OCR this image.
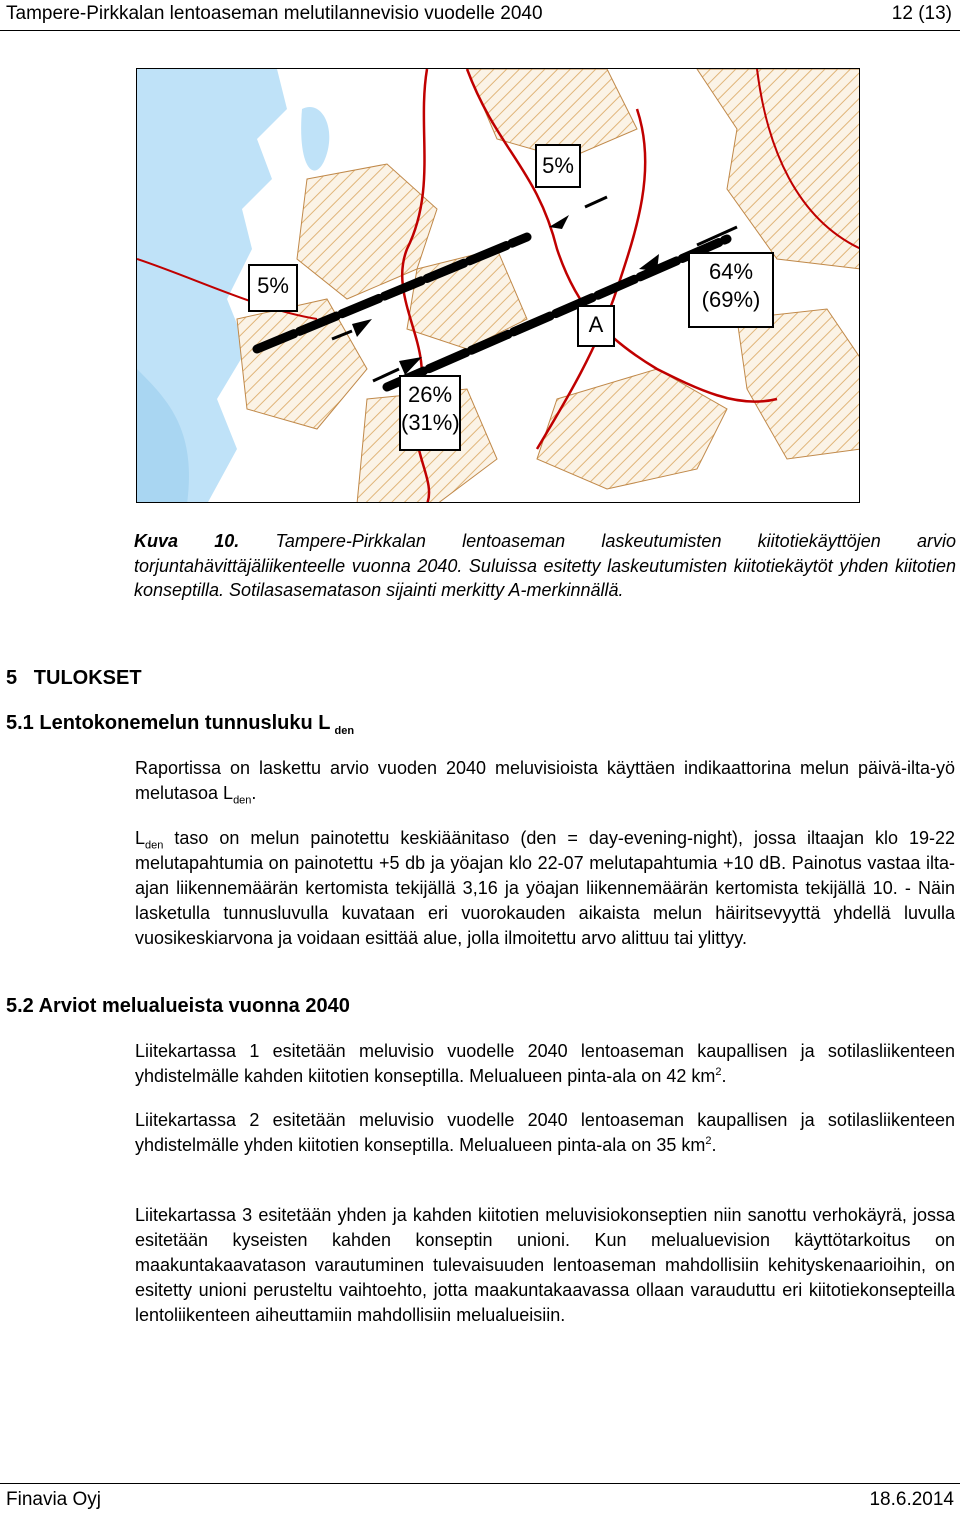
Tampere-Pirkkalan lentoaseman melutilannevisio vuodelle 2040	12 (13)
5%
5%
64%
(69%)
26%
(31%)
A
Kuva 10. Tampere-Pirkkalan lentoaseman laskeutumisten kiitotiekäyttöjen arvio torjuntahävittäjäliikenteelle vuonna 2040. Suluissa esitetty laskeutumisten kiitotiekäytöt yhden kiitotien konseptilla. Sotilasasematason sijainti merkitty A-merkinnällä.
5 TULOKSET
5.1 Lentokonemelun tunnusluku L  $_{den}$
Raportissa on laskettu arvio vuoden 2040 meluvisioista käyttäen indikaattorina melun päivä-ilta-yö melutasoa $L_{den}$.
$L_{den}$ taso on melun painotettu keskiäänitaso (den = day-evening-night), jossa iltaajan klo 19-22 melutapahtumia on painotettu +5 db ja yöajan klo 22-07 melutapahtumia +10 dB. Painotus vastaa ilta-ajan liikennemäärän kertomista tekijällä 3,16 ja yöajan liikennemäärän kertomista tekijällä 10. - Näin lasketulla tunnusluvulla kuvataan eri vuorokauden aikaista melun häiritsevyyttä yhdellä luvulla vuosikeskiarvona ja voidaan esittää alue, jolla ilmoitettu arvo alittuu tai ylittyy.
5.2 Arviot melualueista vuonna 2040
Liitekartassa 1 esitetään meluvisio vuodelle 2040 lentoaseman kaupallisen ja sotilasliikenteen yhdistelmälle kahden kiitotien konseptilla. Melualueen pinta-ala on 42 $km^2$.
Liitekartassa 2 esitetään meluvisio vuodelle 2040 lentoaseman kaupallisen ja sotilasliikenteen yhdistelmälle yhden kiitotien konseptilla. Melualueen pinta-ala on 35 $km^2$.
Liitekartassa 3 esitetään yhden ja kahden kiitotien meluvisiokonseptien niin sanottu verhokäyrä, jossa esitetään kyseisten kahden konseptin unioni. Kun melualuevision käyttötarkoitus on maakuntakaavatason varautuminen tulevaisuuden lentoaseman mahdollisiin kehityskenaarioihin, on esitetty unioni perusteltu vaihtoehto, jotta maakuntakaavassa ollaan varauduttu eri kiitotiekonsepteilla lentoliikenteen aiheuttamiin mahdollisiin melualueisiin.
Finavia Oyj	18.6.2014
